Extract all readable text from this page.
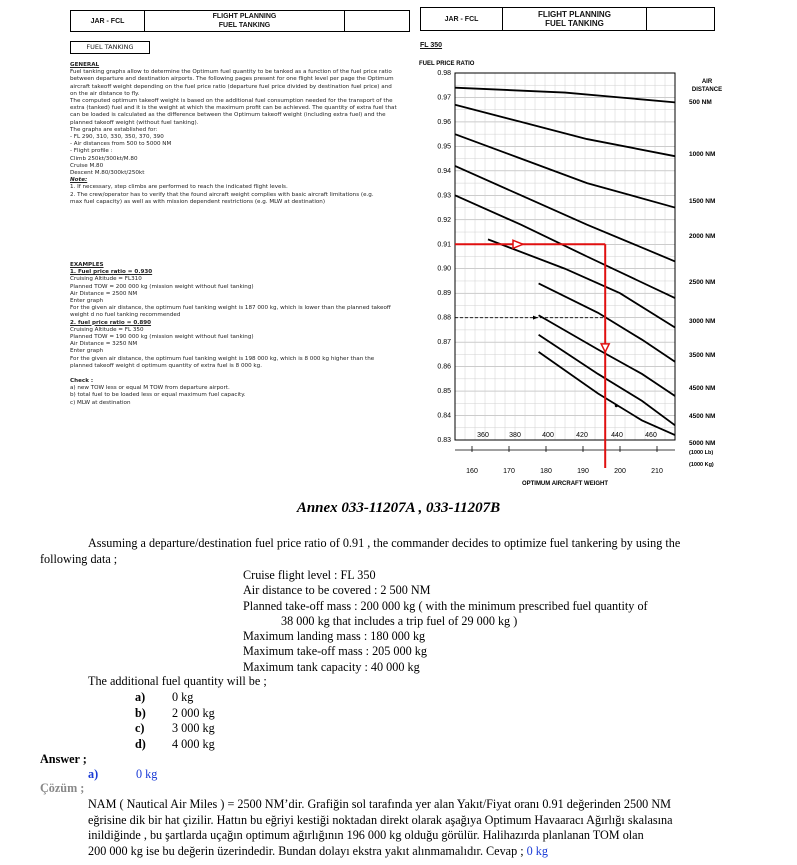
JAR - FCL
FLIGHT PLANNING
FUEL TANKING
FUEL TANKING
GENERAL
Fuel tanking graphs allow to determine the Optimum fuel quantity to be tanked as a function of the fuel price ratio
between departure and destination airports. The following pages present for one flight level per page the Optimum
aircraft takeoff weight depending on the fuel price ratio (departure fuel price divided by destination fuel price) and
on the air distance to fly.
The computed optimum takeoff weight is based on the additional fuel consumption needed for the transport of the
extra (tanked) fuel and it is the weight at which the maximum profit can be achieved. The quantity of extra fuel that
can be loaded is calculated as the difference between the Optimum takeoff weight (including extra fuel) and the
planned takeoff weight (without fuel tanking).
The graphs are established for:
- FL 290, 310, 330, 350, 370, 390
- Air distances from 500 to 5000 NM
- Flight profile :
Climb 250kt/300kt/M.80
Cruise M.80
Descent M.80/300kt/250kt
Note:
1. If necessary, step climbs are performed to reach the indicated flight levels.
2. The crew/operator has to verify that the found aircraft weight complies with basic aircraft limitations (e.g.
max fuel capacity) as well as with mission dependent restrictions (e.g. MLW at destination)
EXAMPLES
1. Fuel price ratio = 0.930
Cruising Altitude = FL310
Planned TOW = 200 000 kg (mission weight without fuel tanking)
Air Distance = 2500 NM
Enter graph
For the given air distance, the optimum fuel tanking weight is 187 000 kg, which is lower than the planned takeoff
weight d no fuel tanking recommended
2. fuel price ratio = 0.890
Cruising Altitude = FL 350
Planned TOW = 190 000 kg (mission weight without fuel tanking)
Air Distance = 3250 NM
Enter graph
For the given air distance, the optimum fuel tanking weight is 198 000 kg, which is 8 000 kg higher than the
planned takeoff weight d optimum quantity of extra fuel is 8 000 kg.
Check :
a) new TOW less or equal M TOW from departure airport.
b) total fuel to be loaded less or equal maximum fuel capacity.
c) MLW at destination
JAR - FCL	FLIGHT PLANNING
FUEL TANKING
FL 350
FUEL PRICE RATIO
0.98
0.97
0.96
0.95
0.94
0.93
0.92
0.91
0.90
0.89
0.88
0.87
0.86
0.85
0.84
0.83
AIR
DISTANCE
500 NM
1000 NM
1500 NM
2000 NM
2500 NM
3000 NM
3500 NM
4500 NM
4500 NM
5000 NM
360	380	400	420	440	460
(1000 Lb)
(1000 Kg)
160	170	180	190	200	210
OPTIMUM AIRCRAFT WEIGHT
Annex 033-11207A , 033-11207B
Assuming a departure/destination fuel price ratio of 0.91 , the commander decides to optimize fuel tankering by using the
following data ;
Cruise flight level : FL 350
Air distance to be covered : 2 500 NM
Planned take-off mass : 200 000 kg ( with the minimum prescribed fuel quantity of
38 000 kg that includes a trip fuel of 29 000 kg )
Maximum landing mass : 180 000 kg
Maximum take-off mass : 205 000 kg
Maximum tank capacity : 40 000 kg
The additional fuel quantity will be ;
a) 0 kg
b) 2 000 kg
c) 3 000 kg
d) 4 000 kg
Answer ;
a)	0 kg
Çözüm ;
NAM ( Nautical Air Miles ) = 2500 NM’dir. Grafiğin sol tarafında yer alan Yakıt/Fiyat oranı 0.91 değerinden 2500 NM
eğrisine dik bir hat çizilir. Hattın bu eğriyi kestiği noktadan direkt olarak aşağıya Optimum Havaaracı Ağırlığı skalasına
inildiğinde , bu şartlarda uçağın optimum ağırlığının 196 000 kg olduğu görülür. Halihazırda planlanan TOM olan
200 000 kg ise bu değerin üzerindedir. Bundan dolayı ekstra yakıt alınmamalıdır. Cevap ; 0 kg
